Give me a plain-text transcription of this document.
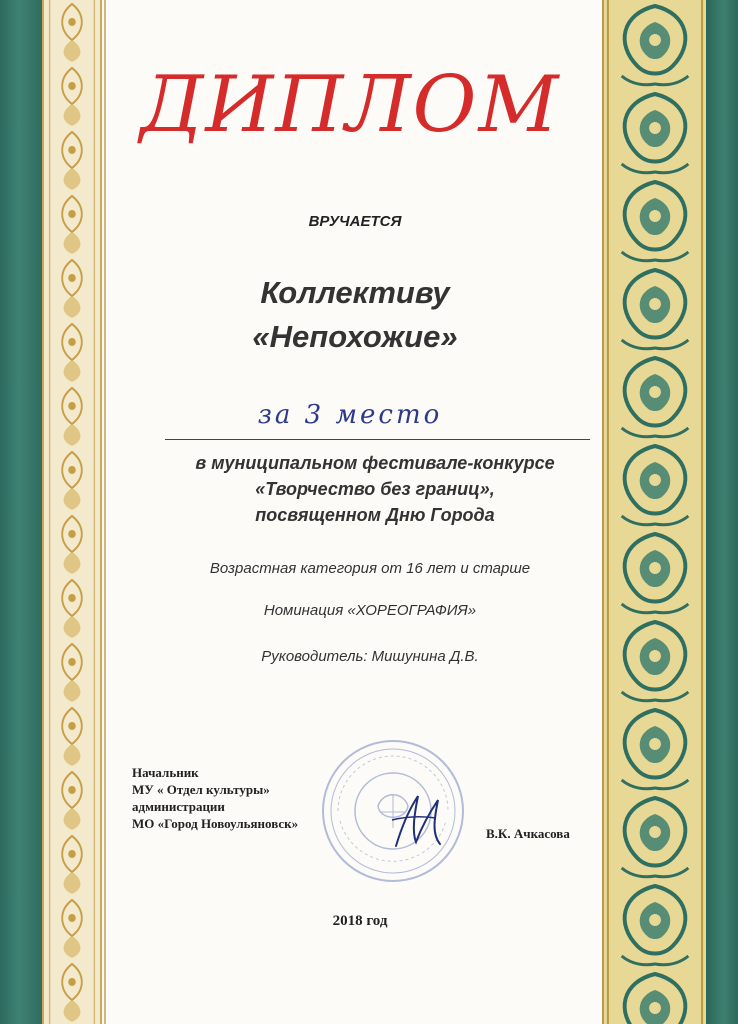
ДИПЛОМ
ВРУЧАЕТСЯ
Коллективу
«Непохожие»
за 3 место
в муниципальном фестивале-конкурсе
«Творчество без границ»,
посвященном Дню Города
Возрастная категория от 16 лет и старше
Номинация «ХОРЕОГРАФИЯ»
Руководитель: Мишунина Д.В.
Начальник
МУ « Отдел культуры»
администрации
МО «Город Новоульяновск»
В.К. Ачкасова
2018 год
